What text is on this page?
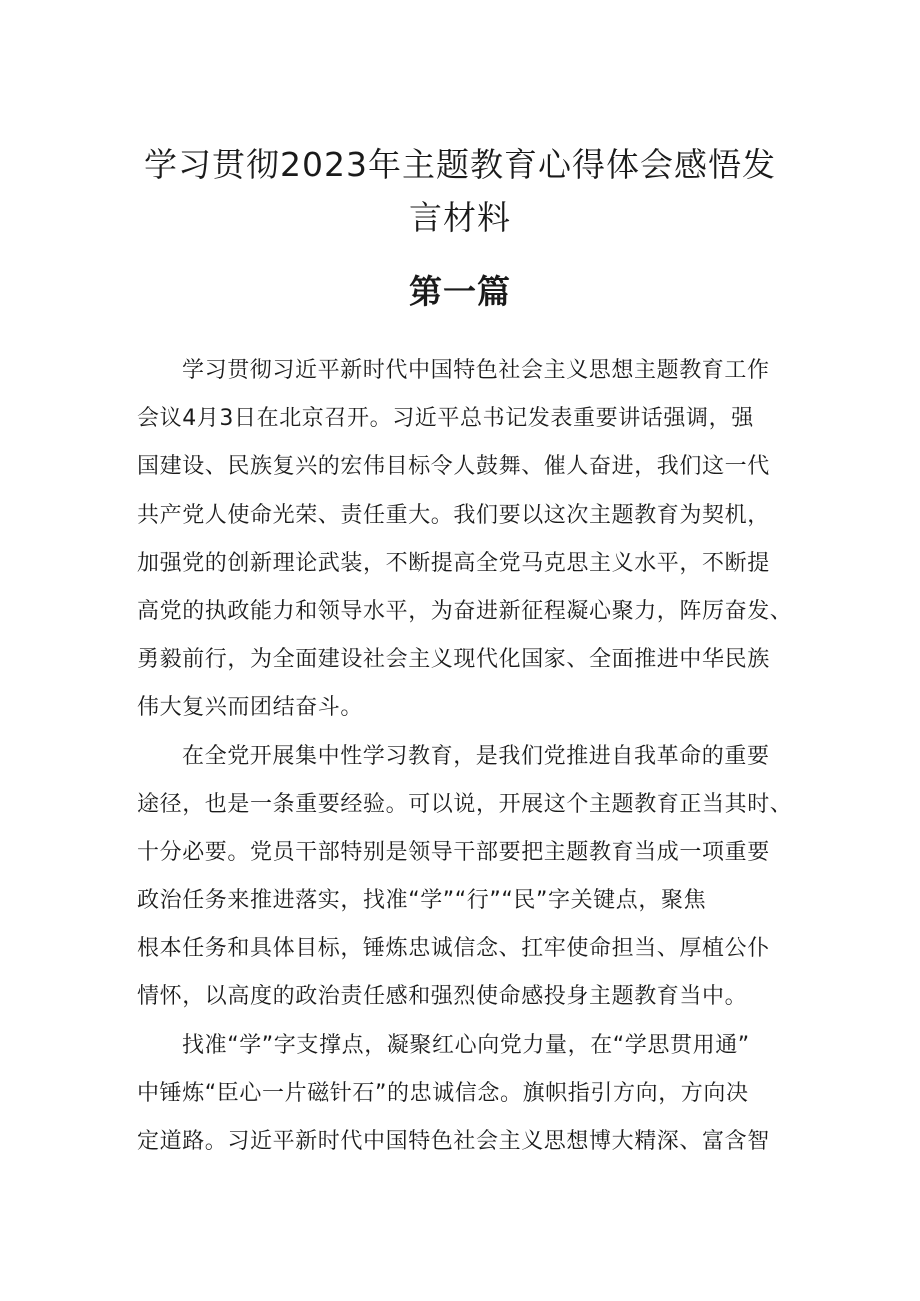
学习贯彻2023年主题教育心得体会感悟发
言材料
第一篇
学习贯彻习近平新时代中国特色社会主义思想主题教育工作
会议4月3日在北京召开。习近平总书记发表重要讲话强调，强
国建设、民族复兴的宏伟目标令人鼓舞、催人奋进，我们这一代
共产党人使命光荣、责任重大。我们要以这次主题教育为契机，
加强党的创新理论武装，不断提高全党马克思主义水平，不断提
高党的执政能力和领导水平，为奋进新征程凝心聚力，阵厉奋发、
勇毅前行，为全面建设社会主义现代化国家、全面推进中华民族
伟大复兴而团结奋斗。
在全党开展集中性学习教育，是我们党推进自我革命的重要
途径，也是一条重要经验。可以说，开展这个主题教育正当其时、
十分必要。党员干部特别是领导干部要把主题教育当成一项重要
政治任务来推进落实，找准“学”“行”“民”字关键点，聚焦
根本任务和具体目标，锤炼忠诚信念、扛牢使命担当、厚植公仆
情怀，以高度的政治责任感和强烈使命感投身主题教育当中。
找准“学”字支撑点，凝聚红心向党力量，在“学思贯用通”
中锤炼“臣心一片磁针石”的忠诚信念。旗帜指引方向，方向决
定道路。习近平新时代中国特色社会主义思想博大精深、富含智
